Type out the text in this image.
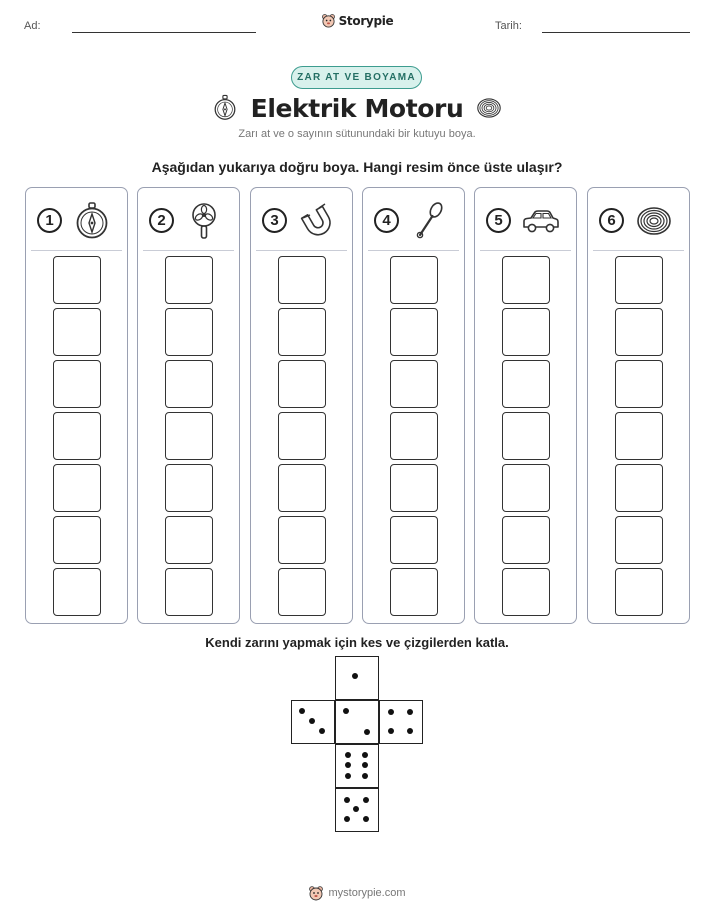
Ad:	Storypie	Tarih:
ZAR AT VE BOYAMA
Elektrik Motoru
Zarı at ve o sayının sütunundaki bir kutuyu boya.
Aşağıdan yukarıya doğru boya. Hangi resim önce üste ulaşır?
1	2	3	4	5	6
Kendi zarını yapmak için kes ve çizgilerden katla.
mystorypie.com
